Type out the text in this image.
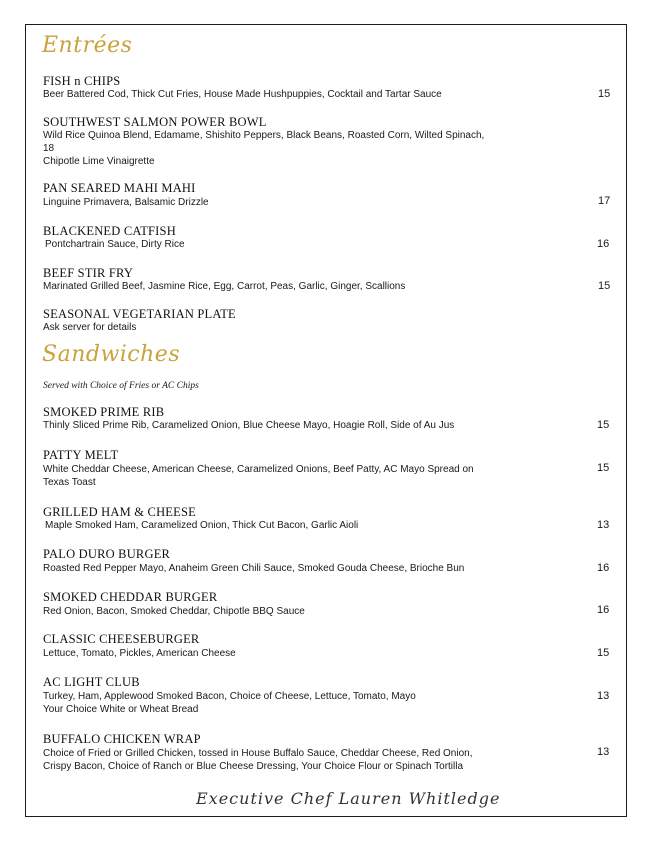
Entrées
FISH n CHIPS
Beer Battered Cod, Thick Cut Fries, House Made Hushpuppies, Cocktail and Tartar Sauce	15
SOUTHWEST SALMON POWER BOWL
Wild Rice Quinoa Blend, Edamame, Shishito Peppers, Black Beans, Roasted Corn, Wilted Spinach,
18
Chipotle Lime Vinaigrette
PAN SEARED MAHI MAHI
Linguine Primavera, Balsamic Drizzle	17
BLACKENED CATFISH
Pontchartrain Sauce, Dirty Rice	16
BEEF STIR FRY
Marinated Grilled Beef, Jasmine Rice, Egg, Carrot, Peas, Garlic, Ginger, Scallions	15
SEASONAL VEGETARIAN PLATE
Ask server for details
Sandwiches
Served with Choice of Fries or AC Chips
SMOKED PRIME RIB
Thinly Sliced Prime Rib, Caramelized Onion, Blue Cheese Mayo, Hoagie Roll, Side of Au Jus	15
PATTY MELT
White Cheddar Cheese, American Cheese, Caramelized Onions, Beef Patty, AC Mayo Spread on
Texas Toast
15
GRILLED HAM & CHEESE
Maple Smoked Ham, Caramelized Onion, Thick Cut Bacon, Garlic Aioli	13
PALO DURO BURGER
Roasted Red Pepper Mayo, Anaheim Green Chili Sauce, Smoked Gouda Cheese, Brioche Bun	16
SMOKED CHEDDAR BURGER
Red Onion, Bacon, Smoked Cheddar, Chipotle BBQ Sauce	16
CLASSIC CHEESEBURGER
Lettuce, Tomato, Pickles, American Cheese	15
AC LIGHT CLUB
Turkey, Ham, Applewood Smoked Bacon, Choice of Cheese, Lettuce, Tomato, Mayo
Your Choice White or Wheat Bread
13
BUFFALO CHICKEN WRAP
Choice of Fried or Grilled Chicken, tossed in House Buffalo Sauce, Cheddar Cheese, Red Onion,
Crispy Bacon, Choice of Ranch or Blue Cheese Dressing, Your Choice Flour or Spinach Tortilla
13
Executive Chef Lauren Whitledge
